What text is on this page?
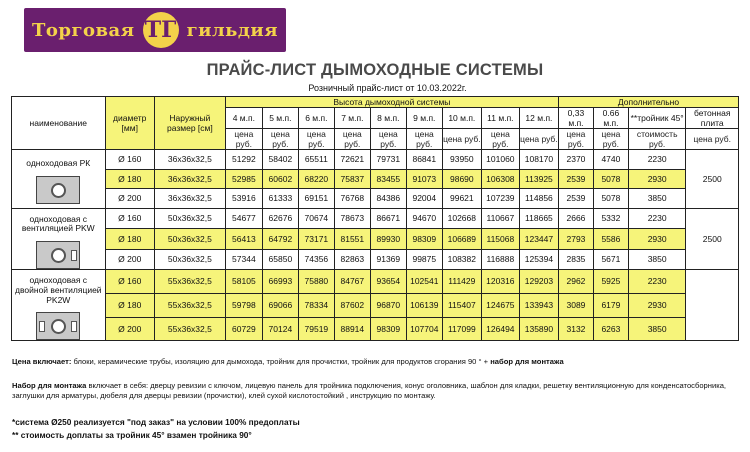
Торговая ТГ гильдия
ПРАЙС-ЛИСТ ДЫМОХОДНЫЕ СИСТЕМЫ
Розничный прайс-лист от 10.03.2022г.
наименование	диаметр [мм]	Наружный размер [см]	Высота дымоходной системы									Дополнительно			
			4 м.п.	5 м.п.	6 м.п.	7 м.п.	8 м.п.	9 м.п.	10 м.п.	11 м.п.	12 м.п.	0,33 м.п.	0.66 м.п.	**тройник 45°	бетонная плита
			цена руб.	цена руб.	цена руб.	цена руб.	цена руб.	цена руб.	цена руб.	цена руб.	цена руб.	цена руб.	цена руб.	стоимость руб.	цена руб.

одноходовая РК	Ø 160	36x36x32,5	51292	58402	65511	72621	79731	86841	93950	101060	108170	2370	4740	2230	2500
	Ø 180	36x36x32,5	52985	60602	68220	75837	83455	91073	98690	106308	113925	2539	5078	2930	
	Ø 200	36x36x32,5	53916	61333	69151	76768	84386	92004	99621	107239	114856	2539	5078	3850	

одноходовая с вентиляцией PKW	Ø 160	50x36x32,5	54677	62676	70674	78673	86671	94670	102668	110667	118665	2666	5332	2230	2500
	Ø 180	50x36x32,5	56413	64792	73171	81551	89930	98309	106689	115068	123447	2793	5586	2930	
	Ø 200	50x36x32,5	57344	65850	74356	82863	91369	99875	108382	116888	125394	2835	5671	3850	

одноходовая с двойной вентиляцией PK2W	Ø 160	55x36x32,5	58105	66993	75880	84767	93654	102541	111429	120316	129203	2962	5925	2230	
	Ø 180	55x36x32,5	59798	69066	78334	87602	96870	106139	115407	124675	133943	3089	6179	2930	
	Ø 200	55x36x32,5	60729	70124	79519	88914	98309	107704	117099	126494	135890	3132	6263	3850	
Цена включает: блоки, керамические трубы, изоляцию для дымохода, тройник для прочистки, тройник для продуктов сгорания 90 ° + набор для монтажа
Набор для монтажа включает в себя: дверцу ревизии с ключом, лицевую панель для тройника подключения, конус оголовника, шаблон для кладки, решетку вентиляционную для конденсатосборника, заглушки для арматуры, дюбеля для дверцы ревизии (прочистки), клей сухой кислотостойкий , инструкцию по монтажу.
*система Ø250 реализуется "под заказ" на условии 100% предоплаты
** стоимость доплаты за тройник 45° взамен тройника 90°
